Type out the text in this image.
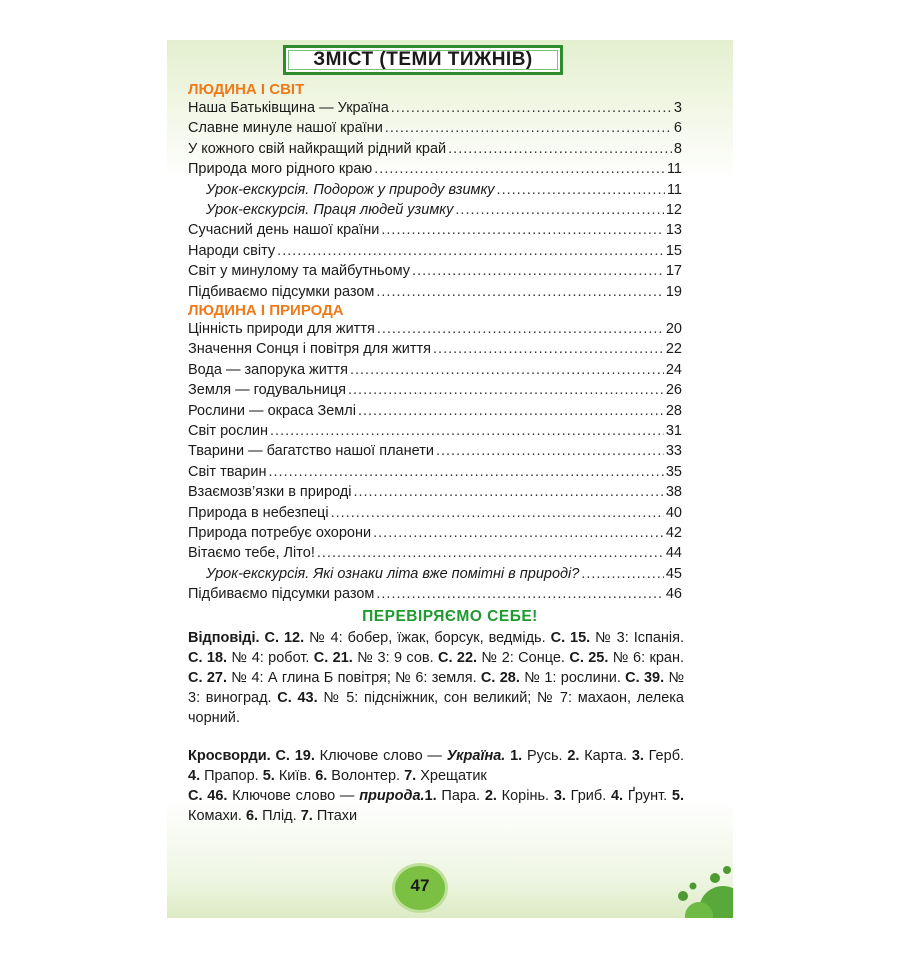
ЗМІСТ (ТЕМИ ТИЖНІВ)
ЛЮДИНА І СВІТ
Наша Батьківщина — Україна .....	3
Славне минуле нашої країни .....	6
У кожного свій найкращий рідний край .....	8
Природа мого рідного краю .....	11
Урок-екскурсія. Подорож у природу взимку .....	11
Урок-екскурсія. Праця людей узимку .....	12
Сучасний день нашої країни .....	13
Народи світу .....	15
Світ у минулому та майбутньому .....	17
Підбиваємо підсумки разом .....	19
ЛЮДИНА І ПРИРОДА
Цінність природи для життя .....	20
Значення Сонця і повітря для життя .....	22
Вода — запорука життя .....	24
Земля — годувальниця .....	26
Рослини — окраса Землі .....	28
Світ рослин .....	31
Тварини — багатство нашої планети .....	33
Світ тварин .....	35
Взаємозв’язки в природі .....	38
Природа в небезпеці .....	40
Природа потребує охорони .....	42
Вітаємо тебе, Літо! .....	44
Урок-екскурсія. Які ознаки літа вже помітні в природі? .....	45
Підбиваємо підсумки разом .....	46
ПЕРЕВІРЯЄМО СЕБЕ!
Відповіді. С. 12. № 4: бобер, їжак, борсук, ведмідь. С. 15. № 3: Іспанія. С. 18. № 4: робот. С. 21. № 3: 9 сов. С. 22. № 2: Сонце. С. 25. № 6: кран. С. 27. № 4: А глина Б повітря; № 6: земля. С. 28. № 1: рослини. С. 39. № 3: виноград. С. 43. № 5: підсніжник, сон великий; № 7: махаон, лелека чорний.
Кросворди. С. 19. Ключове слово — Україна. 1. Русь. 2. Карта. 3. Герб. 4. Прапор. 5. Київ. 6. Волонтер. 7. Хрещатик
С. 46. Ключове слово — природа.1. Пара. 2. Корінь. 3. Гриб. 4. Ґрунт. 5. Комахи. 6. Плід. 7. Птахи
47
